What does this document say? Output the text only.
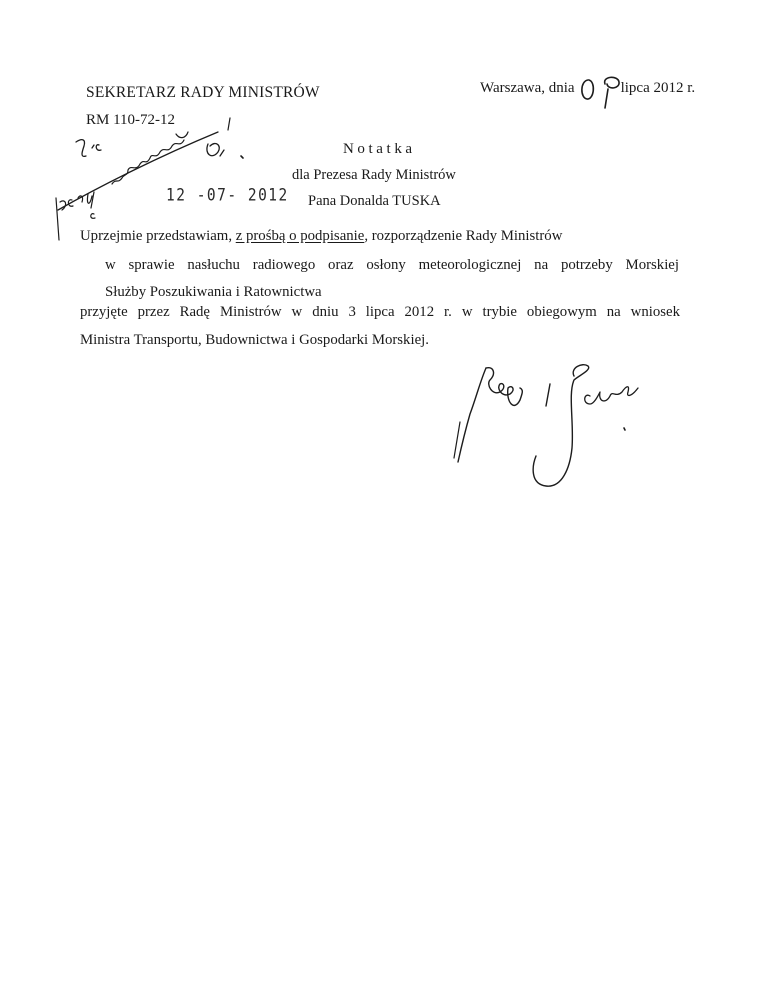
SEKRETARZ RADY MINISTRÓW
RM 110-72-12
Warszawa, dnia	lipca 2012 r.
Notatka
dla Prezesa Rady Ministrów
Pana Donalda TUSKA
12 -07- 2012
Uprzejmie przedstawiam, z prośbą o podpisanie, rozporządzenie Rady Ministrów
w sprawie nasłuchu radiowego oraz osłony meteorologicznej na potrzeby Morskiej
Służby Poszukiwania i Ratownictwa
przyjęte przez Radę Ministrów w dniu 3 lipca 2012 r. w trybie obiegowym na wniosek
Ministra Transportu, Budownictwa i Gospodarki Morskiej.
